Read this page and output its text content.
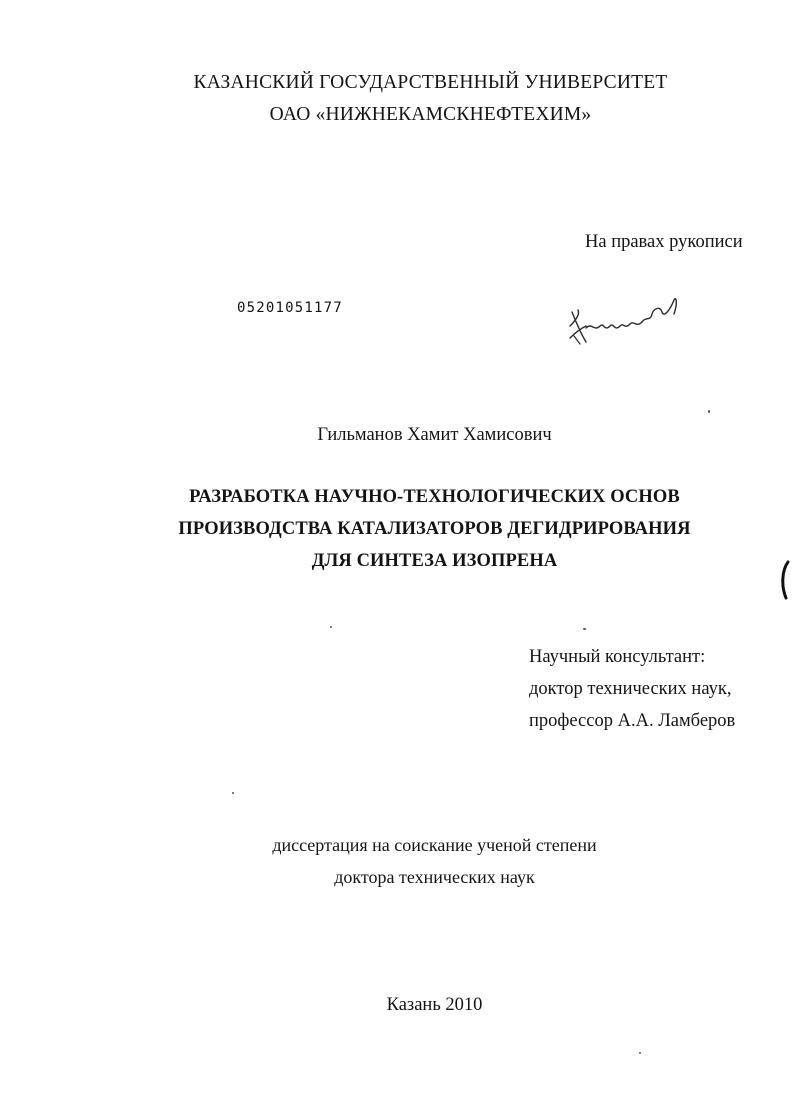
КАЗАНСКИЙ ГОСУДАРСТВЕННЫЙ УНИВЕРСИТЕТ
ОАО «НИЖНЕКАМСКНЕФТЕХИМ»
На правах рукописи
05201051177
Гильманов Хамит Хамисович
РАЗРАБОТКА НАУЧНО-ТЕХНОЛОГИЧЕСКИХ ОСНОВ
ПРОИЗВОДСТВА КАТАЛИЗАТОРОВ ДЕГИДРИРОВАНИЯ
ДЛЯ СИНТЕЗА ИЗОПРЕНА
Научный консультант:
доктор технических наук,
профессор А.А. Ламберов
диссертация на соискание ученой степени
доктора технических наук
Казань 2010
